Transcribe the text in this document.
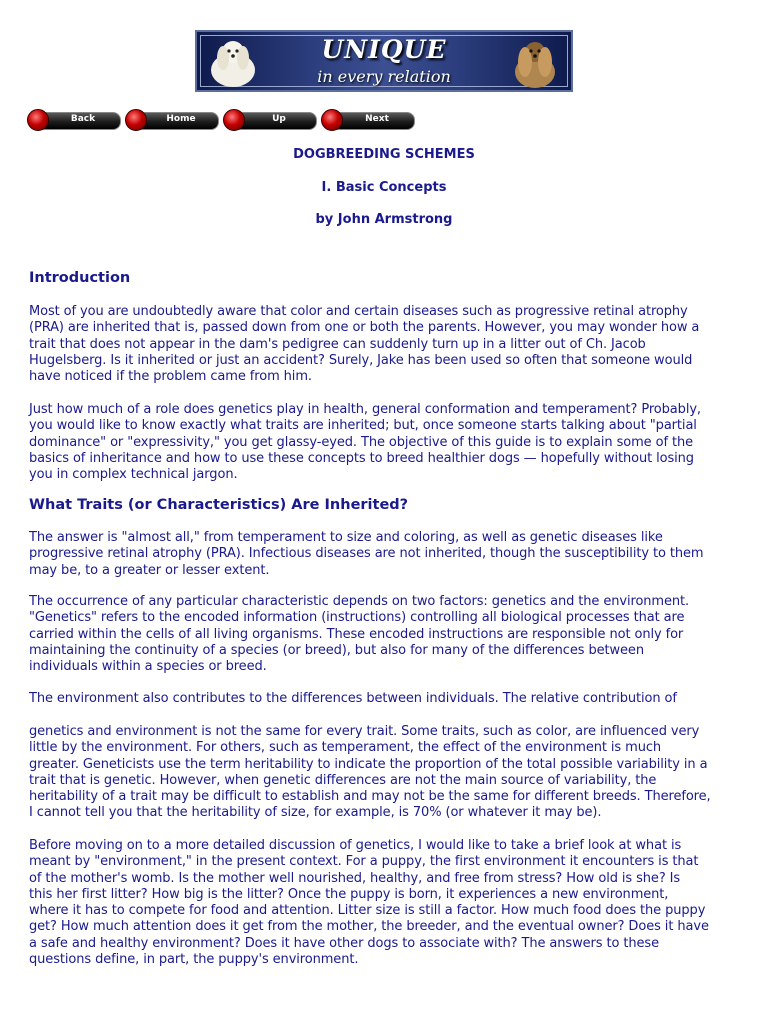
UNIQUE
in every relation
Back	Home	Up	Next
DOGBREEDING SCHEMES
I. Basic Concepts
by John Armstrong
Introduction

Most of you are undoubtedly aware that color and certain diseases such as progressive retinal atrophy
(PRA) are inherited that is, passed down from one or both the parents. However, you may wonder how a
trait that does not appear in the dam's pedigree can suddenly turn up in a litter out of Ch. Jacob
Hugelsberg. Is it inherited or just an accident? Surely, Jake has been used so often that someone would
have noticed if the problem came from him.

Just how much of a role does genetics play in health, general conformation and temperament? Probably,
you would like to know exactly what traits are inherited; but, once someone starts talking about "partial
dominance" or "expressivity," you get glassy-eyed. The objective of this guide is to explain some of the
basics of inheritance and how to use these concepts to breed healthier dogs — hopefully without losing
you in complex technical jargon.

What Traits (or Characteristics) Are Inherited?

The answer is "almost all," from temperament to size and coloring, as well as genetic diseases like
progressive retinal atrophy (PRA). Infectious diseases are not inherited, though the susceptibility to them
may be, to a greater or lesser extent.

The occurrence of any particular characteristic depends on two factors: genetics and the environment.
"Genetics" refers to the encoded information (instructions) controlling all biological processes that are
carried within the cells of all living organisms. These encoded instructions are responsible not only for
maintaining the continuity of a species (or breed), but also for many of the differences between
individuals within a species or breed.

The environment also contributes to the differences between individuals. The relative contribution of

genetics and environment is not the same for every trait. Some traits, such as color, are influenced very
little by the environment. For others, such as temperament, the effect of the environment is much
greater. Geneticists use the term heritability to indicate the proportion of the total possible variability in a
trait that is genetic. However, when genetic differences are not the main source of variability, the
heritability of a trait may be difficult to establish and may not be the same for different breeds. Therefore,
I cannot tell you that the heritability of size, for example, is 70% (or whatever it may be).

Before moving on to a more detailed discussion of genetics, I would like to take a brief look at what is
meant by "environment," in the present context. For a puppy, the first environment it encounters is that
of the mother's womb. Is the mother well nourished, healthy, and free from stress? How old is she? Is
this her first litter? How big is the litter? Once the puppy is born, it experiences a new environment,
where it has to compete for food and attention. Litter size is still a factor. How much food does the puppy
get? How much attention does it get from the mother, the breeder, and the eventual owner? Does it have
a safe and healthy environment? Does it have other dogs to associate with? The answers to these
questions define, in part, the puppy's environment.
